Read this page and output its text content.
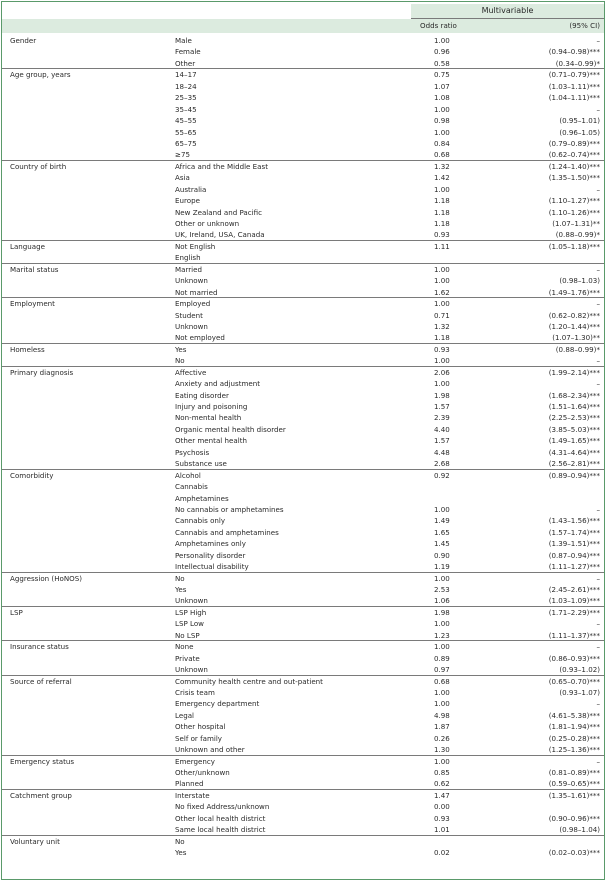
Multivariable
Odds ratio	(95% CI)
Gender	Male	1.00	–
Female	0.96	(0.94–0.98)***
Other	0.58	(0.34–0.99)*
Age group, years	14–17	0.75	(0.71–0.79)***
18–24	1.07	(1.03–1.11)***
25–35	1.08	(1.04–1.11)***
35–45	1.00	–
45–55	0.98	(0.95–1.01)
55–65	1.00	(0.96–1.05)
65–75	0.84	(0.79–0.89)***
≥75	0.68	(0.62–0.74)***
Country of birth	Africa and the Middle East	1.32	(1.24–1.40)***
Asia	1.42	(1.35–1.50)***
Australia	1.00	–
Europe	1.18	(1.10–1.27)***
New Zealand and Pacific	1.18	(1.10–1.26)***
Other or unknown	1.18	(1.07–1.31)**
UK, Ireland, USA, Canada	0.93	(0.88–0.99)*
Language	Not English	1.11	(1.05–1.18)***
English
Marital status	Married	1.00	–
Unknown	1.00	(0.98–1.03)
Not married	1.62	(1.49–1.76)***
Employment	Employed	1.00	–
Student	0.71	(0.62–0.82)***
Unknown	1.32	(1.20–1.44)***
Not employed	1.18	(1.07–1.30)**
Homeless	Yes	0.93	(0.88–0.99)*
No	1.00	–
Primary diagnosis	Affective	2.06	(1.99–2.14)***
Anxiety and adjustment	1.00	–
Eating disorder	1.98	(1.68–2.34)***
Injury and poisoning	1.57	(1.51–1.64)***
Non-mental health	2.39	(2.25–2.53)***
Organic mental health disorder	4.40	(3.85–5.03)***
Other mental health	1.57	(1.49–1.65)***
Psychosis	4.48	(4.31–4.64)***
Substance use	2.68	(2.56–2.81)***
Comorbidity	Alcohol	0.92	(0.89–0.94)***
Cannabis
Amphetamines
No cannabis or amphetamines	1.00	–
Cannabis only	1.49	(1.43–1.56)***
Cannabis and amphetamines	1.65	(1.57–1.74)***
Amphetamines only	1.45	(1.39–1.51)***
Personality disorder	0.90	(0.87–0.94)***
Intellectual disability	1.19	(1.11–1.27)***
Aggression (HoNOS)	No	1.00	–
Yes	2.53	(2.45–2.61)***
Unknown	1.06	(1.03–1.09)***
LSP	LSP High	1.98	(1.71–2.29)***
LSP Low	1.00	–
No LSP	1.23	(1.11–1.37)***
Insurance status	None	1.00	–
Private	0.89	(0.86–0.93)***
Unknown	0.97	(0.93–1.02)
Source of referral	Community health centre and out-patient	0.68	(0.65–0.70)***
Crisis team	1.00	(0.93–1.07)
Emergency department	1.00	–
Legal	4.98	(4.61–5.38)***
Other hospital	1.87	(1.81–1.94)***
Self or family	0.26	(0.25–0.28)***
Unknown and other	1.30	(1.25–1.36)***
Emergency status	Emergency	1.00	–
Other/unknown	0.85	(0.81–0.89)***
Planned	0.62	(0.59–0.65)***
Catchment group	Interstate	1.47	(1.35–1.61)***
No fixed Address/unknown	0.00
Other local health district	0.93	(0.90–0.96)***
Same local health district	1.01	(0.98–1.04)
Voluntary unit	No
Yes	0.02	(0.02–0.03)***
